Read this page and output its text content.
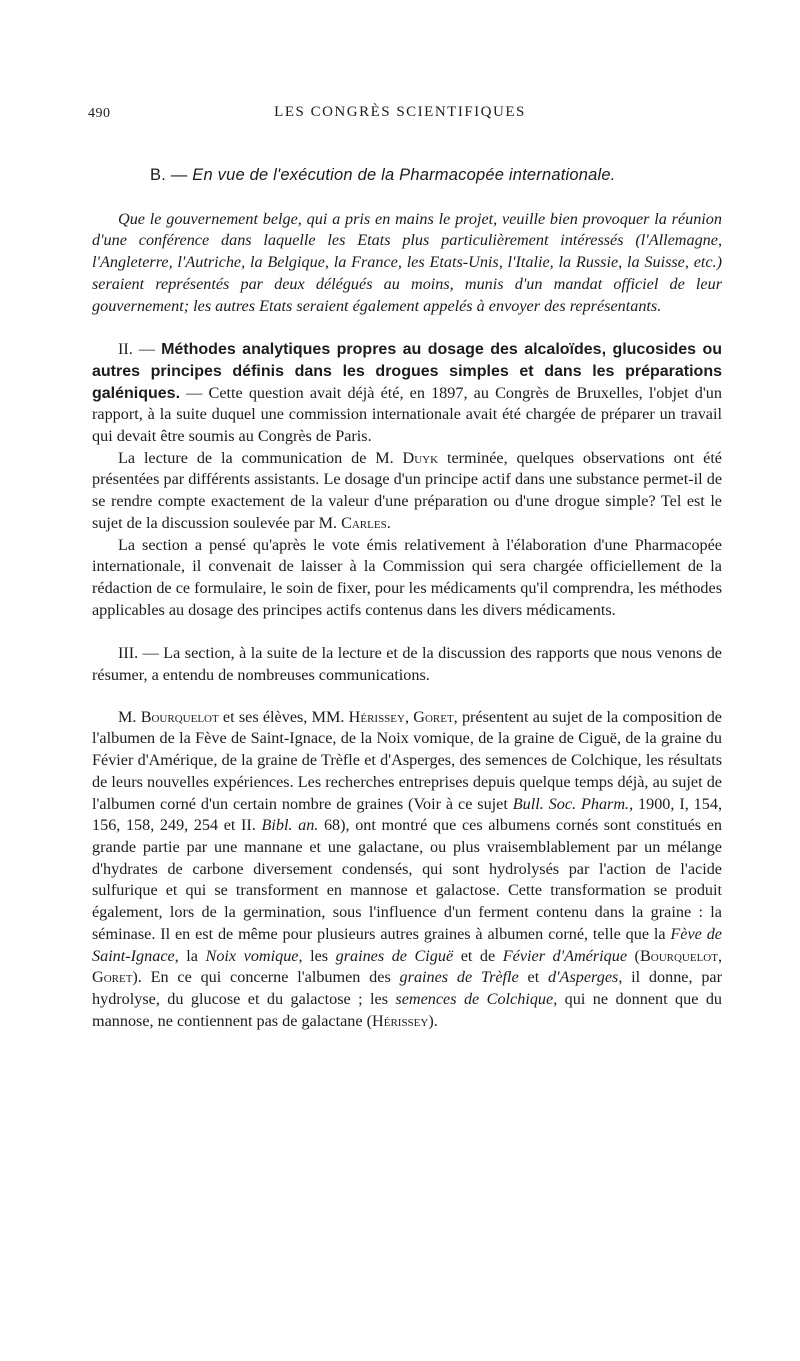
490	LES CONGRÈS SCIENTIFIQUES
B. — En vue de l'exécution de la Pharmacopée internationale.

Que le gouvernement belge, qui a pris en mains le projet, veuille bien provoquer la réunion d'une conférence dans laquelle les Etats plus particulièrement intéressés (l'Allemagne, l'Angleterre, l'Autriche, la Belgique, la France, les Etats-Unis, l'Italie, la Russie, la Suisse, etc.) seraient représentés par deux délégués au moins, munis d'un mandat officiel de leur gouvernement; les autres Etats seraient également appelés à envoyer des représentants.

II. — Méthodes analytiques propres au dosage des alcaloïdes, glucosides ou autres principes définis dans les drogues simples et dans les préparations galéniques. — Cette question avait déjà été, en 1897, au Congrès de Bruxelles, l'objet d'un rapport, à la suite duquel une commission internationale avait été chargée de préparer un travail qui devait être soumis au Congrès de Paris.

La lecture de la communication de M. Duyk terminée, quelques observations ont été présentées par différents assistants. Le dosage d'un principe actif dans une substance permet-il de se rendre compte exactement de la valeur d'une préparation ou d'une drogue simple? Tel est le sujet de la discussion soulevée par M. Carles.

La section a pensé qu'après le vote émis relativement à l'élaboration d'une Pharmacopée internationale, il convenait de laisser à la Commission qui sera chargée officiellement de la rédaction de ce formulaire, le soin de fixer, pour les médicaments qu'il comprendra, les méthodes applicables au dosage des principes actifs contenus dans les divers médicaments.

III. — La section, à la suite de la lecture et de la discussion des rapports que nous venons de résumer, a entendu de nombreuses communications.

M. Bourquelot et ses élèves, MM. Hérissey, Goret, présentent au sujet de la composition de l'albumen de la Fève de Saint-Ignace, de la Noix vomique, de la graine de Ciguë, de la graine du Févier d'Amérique, de la graine de Trèfle et d'Asperges, des semences de Colchique, les résultats de leurs nouvelles expériences. Les recherches entreprises depuis quelque temps déjà, au sujet de l'albumen corné d'un certain nombre de graines (Voir à ce sujet Bull. Soc. Pharm., 1900, I, 154, 156, 158, 249, 254 et II. Bibl. an. 68), ont montré que ces albumens cornés sont constitués en grande partie par une mannane et une galactane, ou plus vraisemblablement par un mélange d'hydrates de carbone diversement condensés, qui sont hydrolysés par l'action de l'acide sulfurique et qui se transforment en mannose et galactose. Cette transformation se produit également, lors de la germination, sous l'influence d'un ferment contenu dans la graine : la séminase. Il en est de même pour plusieurs autres graines à albumen corné, telle que la Fève de Saint-Ignace, la Noix vomique, les graines de Ciguë et de Févier d'Amérique (Bourquelot, Goret). En ce qui concerne l'albumen des graines de Trèfle et d'Asperges, il donne, par hydrolyse, du glucose et du galactose ; les semences de Colchique, qui ne donnent que du mannose, ne contiennent pas de galactane (Hérissey).
